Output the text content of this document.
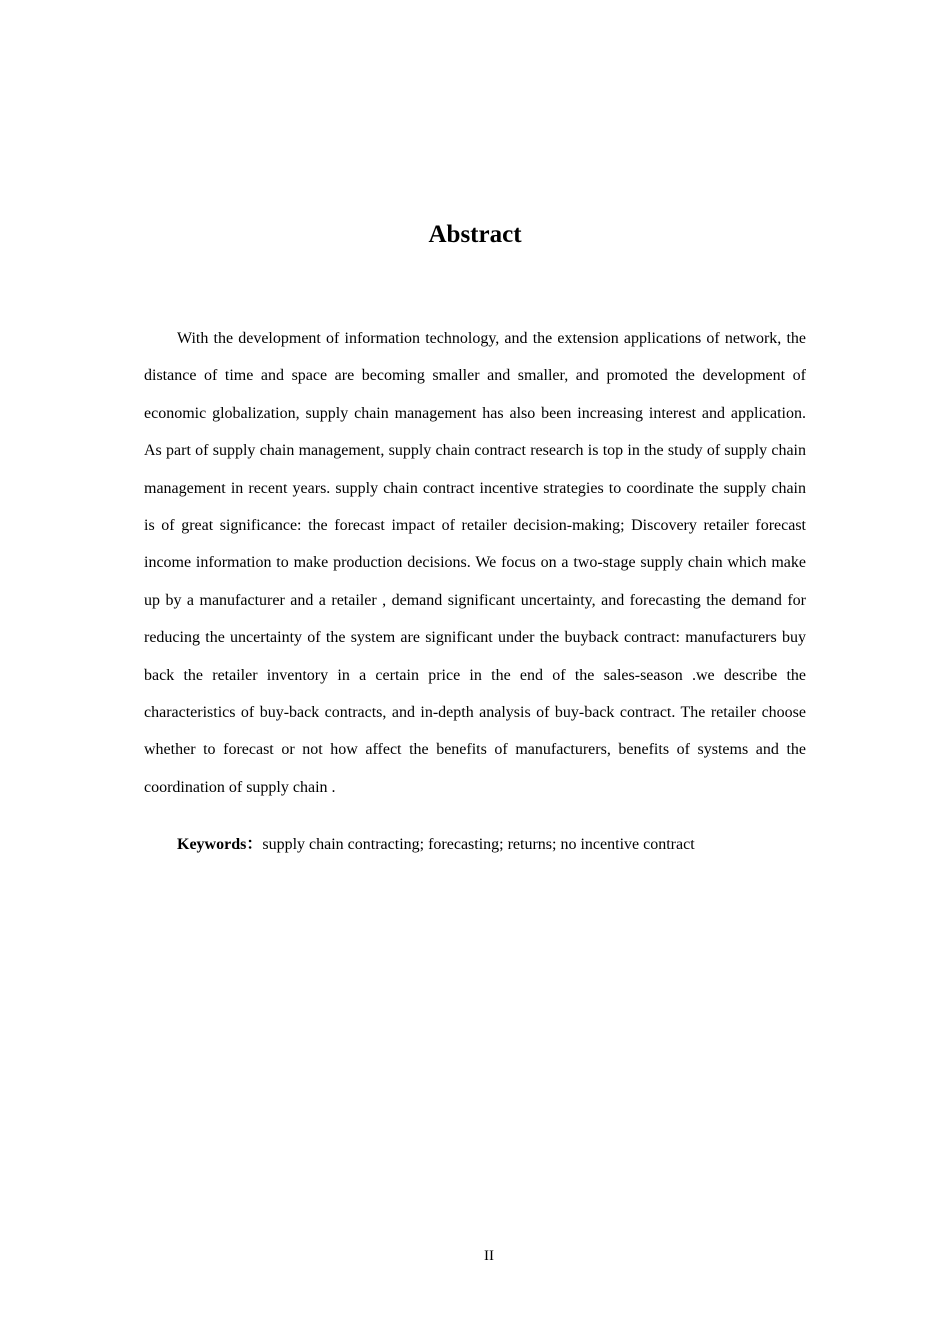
Abstract

With the development of information technology, and the extension applications of network, the distance of time and space are becoming smaller and smaller, and promoted the development of economic globalization, supply chain management has also been increasing interest and application. As part of supply chain management, supply chain contract research is top in the study of supply chain management in recent years. supply chain contract incentive strategies to coordinate the supply chain is of great significance: the forecast impact of retailer decision-making; Discovery retailer forecast income information to make production decisions. We focus on a two-stage supply chain which make up by a manufacturer and a retailer , demand significant uncertainty, and forecasting the demand for reducing the uncertainty of the system are significant under the buyback contract: manufacturers buy back the retailer inventory in a certain price in the end of the sales-season .we describe the characteristics of buy-back contracts, and in-depth analysis of buy-back contract. The retailer choose whether to forecast or not how affect the benefits of manufacturers, benefits of systems and the coordination of supply chain .

Keywords：supply chain contracting; forecasting; returns; no incentive contract

II
